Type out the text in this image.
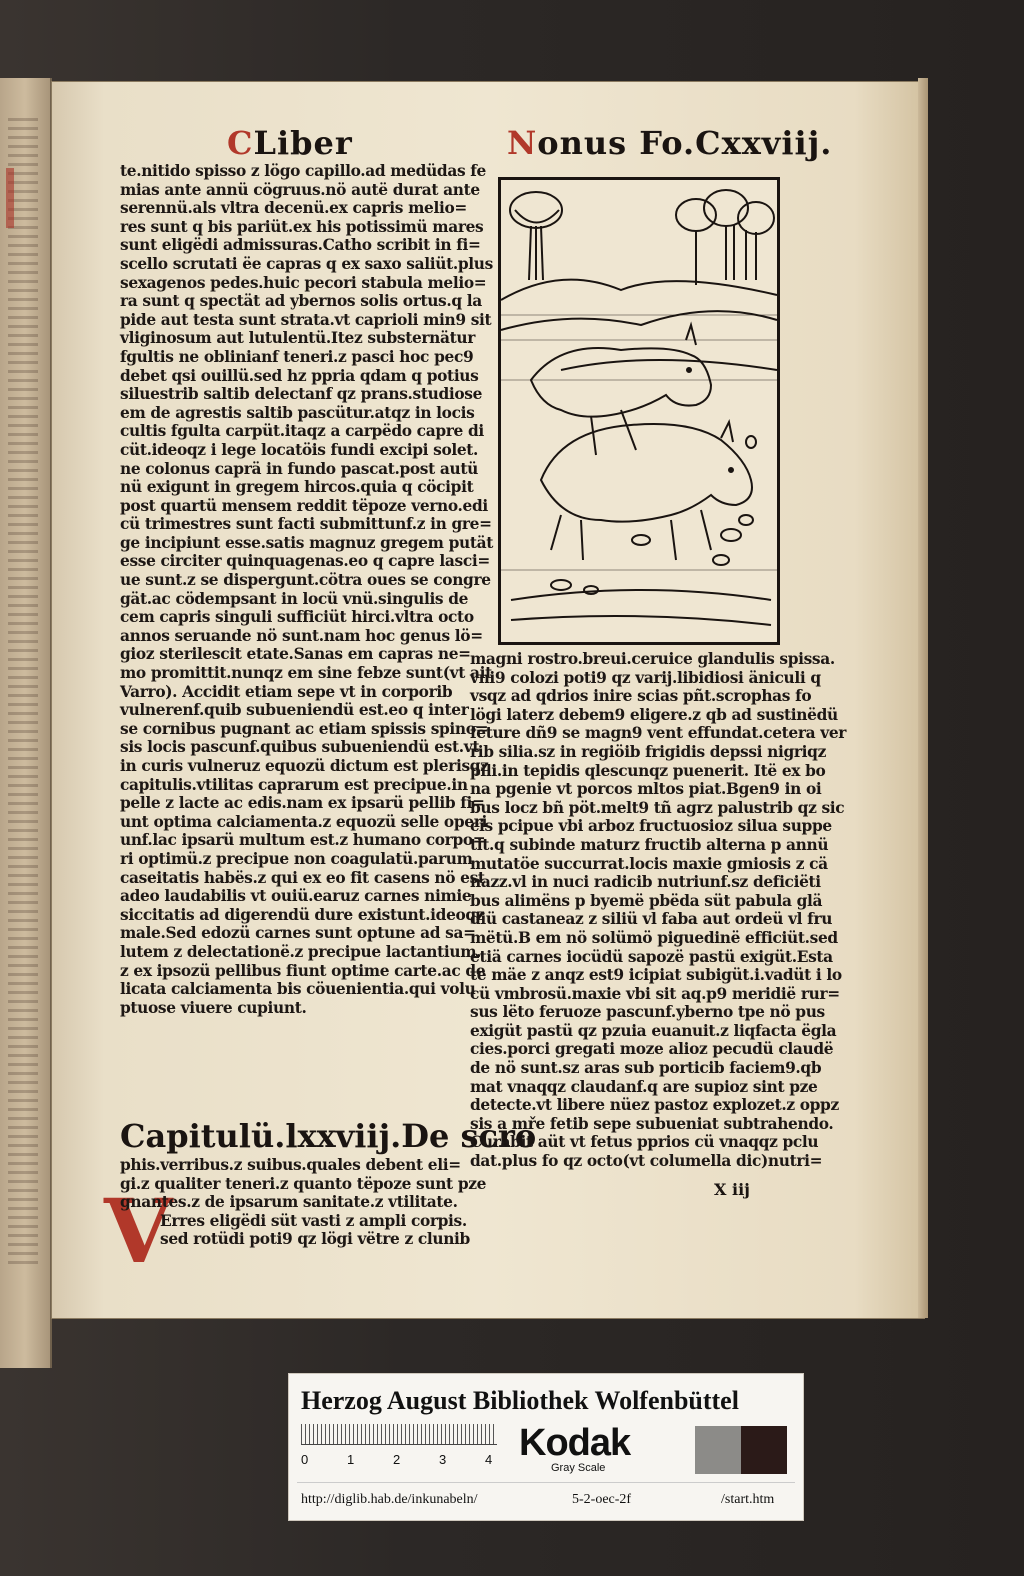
CLiber	Nonus Fo.Cxxviij.
te.nitido spisso z lögo capillo.ad medüdas fe
mias ante annü cögruus.nö autë durat ante
serennü.als vltra decenü.ex capris melio=
res sunt q bis pariüt.ex his potissimü mares
sunt eligëdi admissuras.Catho scribit in fi=
scello scrutati ëe capras q ex saxo saliüt.plus
sexagenos pedes.huic pecori stabula melio=
ra sunt q spectät ad ybernos solis ortus.q la
pide aut testa sunt strata.vt caprioli min9 sit
vliginosum aut lutulentü.Itez substernätur
fgultis ne oblinianf teneri.z pasci hoc pec9
debet qsi ouillü.sed hz ppria qdam q potius
siluestrib saltib delectanf qz prans.studiose
em de agrestis saltib pascütur.atqz in locis
cultis fgulta carpüt.itaqz a carpëdo capre di
cüt.ideoqz i lege locatöis fundi excipi solet.
ne colonus caprä in fundo pascat.post autü
nü exigunt in gregem hircos.quia q cöcipit
post quartü mensem reddit tëpoze verno.edi
cü trimestres sunt facti submittunf.z in gre=
ge incipiunt esse.satis magnuz gregem putät
esse circiter quinquagenas.eo q capre lasci=
ue sunt.z se dispergunt.cötra oues se congre
gät.ac cödempsant in locü vnü.singulis de
cem capris singuli sufficiüt hirci.vltra octo
annos seruande nö sunt.nam hoc genus lö=
gioz sterilescit etate.Sanas em capras ne=
mo promittit.nunqz em sine febze sunt(vt ait
Varro). Accidit etiam sepe vt in corporib
vulnerenf.quib subueniendü est.eo q inter
se cornibus pugnant ac etiam spissis spino=
sis locis pascunf.quibus subueniendü est.vt
in curis vulneruz equozü dictum est plerisqz
capitulis.vtilitas caprarum est precipue.in
pelle z lacte ac edis.nam ex ipsarü pellib fi=
unt optima calciamenta.z equozü selle operi
unf.lac ipsarü multum est.z humano corpo=
ri optimü.z precipue non coagulatü.parum
caseitatis habës.z qui ex eo fit casens nö est
adeo laudabilis vt ouiü.earuz carnes nimie
siccitatis ad digerendü dure existunt.ideoqz
male.Sed edozü carnes sunt optune ad sa=
lutem z delectationë.z precipue lactantium.
z ex ipsozü pellibus fiunt optime carte.ac de
licata calciamenta bis cöuenientia.qui volu
ptuose viuere cupiunt.
Capitulü.lxxviij.De scro
V
phis.verribus.z suibus.quales debent eli=
gi.z qualiter teneri.z quanto tëpoze sunt pze
gnantes.z de ipsarum sanitate.z vtilitate.
Erres eligëdi süt vasti z ampli corpis.
sed rotüdi poti9 qz lögi vëtre z clunib
magni rostro.breui.ceruice glandulis spissa.
vni9 colozi poti9 qz varij.libidiosi äniculi q
vsqz ad qdrios inire scias pñt.scrophas fo
lögi laterz debem9 eligere.z qb ad sustinëdü
feture dñ9 se magn9 vent effundat.cetera ver
rib silia.sz in regiöib frigidis depssi nigriqz
pili.in tepidis qlescunqz puenerit. Itë ex bo
na pgenie vt porcos mltos piat.Bgen9 in oi
bus locz bñ pöt.melt9 tñ agrz palustrib qz sic
cis pcipue vbi arboz fructuosioz silua suppe
tit.q subinde maturz fructib alterna p annü
mutatöe succurrat.locis maxie gmiosis z cä
nazz.vl in nuci radicib nutriunf.sz deficiëti
bus alimëns p byemë pbëda süt pabula glä
diü castaneaz z siliü vl faba aut ordeü vl fru
mëtü.B em nö solümö piguedinë efficiüt.sed
etiä carnes iocüdü sapozë pastü exigüt.Esta
te mäe z anqz est9 icipiat subigüt.i.vadüt i lo
cü vmbrosü.maxie vbi sit aq.p9 meridië rur=
sus lëto feruoze pascunf.yberno tpe nö pus
exigüt pastü qz pzuia euanuit.z liqfacta ëgla
cies.porci gregati moze alioz pecudü claudë
de nö sunt.sz aras sub porticib faciem9.qb
mat vnaqqz claudanf.q are supioz sint pze
detecte.vt libere nüez pastoz explozet.z oppz
sis a mře fetib sepe subueniat subtrahendo.
Curabit aüt vt fetus pprios cü vnaqqz pclu
dat.plus fo qz octo(vt columella dic)nutri=
X iij
Herzog August Bibliothek Wolfenbüttel
0	1	2	3	4 Kodak
Gray Scale
http://diglib.hab.de/inkunabeln/	5-2-oec-2f	/start.htm
